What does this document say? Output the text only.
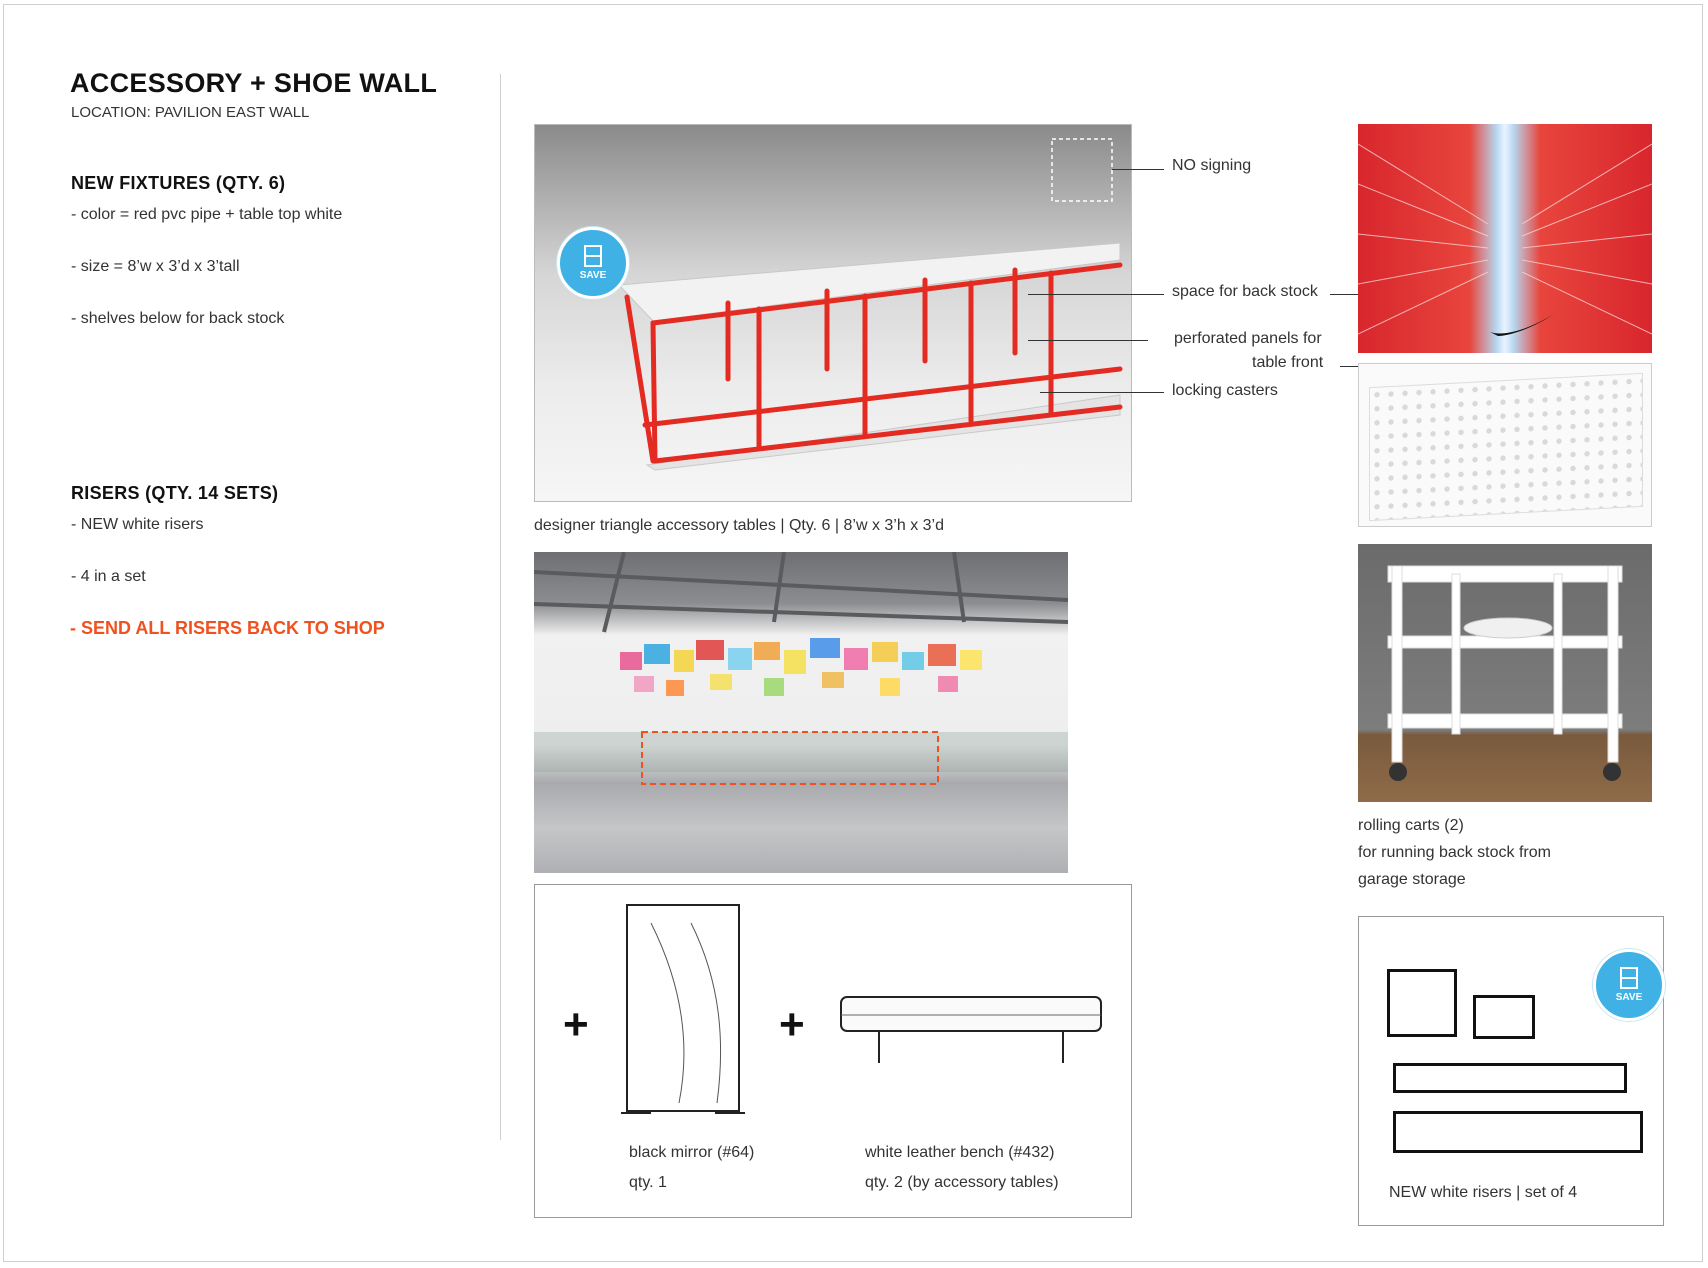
ACCESSORY + SHOE WALL
LOCATION: PAVILION EAST WALL
NEW FIXTURES (QTY. 6)
- color = red pvc pipe + table top white
- size = 8’w x 3’d x 3’tall
- shelves below for back stock
RISERS (QTY. 14 SETS)
- NEW white risers
- 4 in a set
- SEND ALL RISERS BACK TO SHOP
SAVE
NO signing
space for back stock
perforated panels for
table front
locking casters
designer triangle accessory tables | Qty. 6 | 8’w x 3’h x 3’d
+	+
black mirror (#64)
qty. 1
white leather bench (#432)
qty. 2 (by accessory tables)
rolling carts (2)
for running back stock from
garage storage
SAVE
NEW white risers | set of 4
